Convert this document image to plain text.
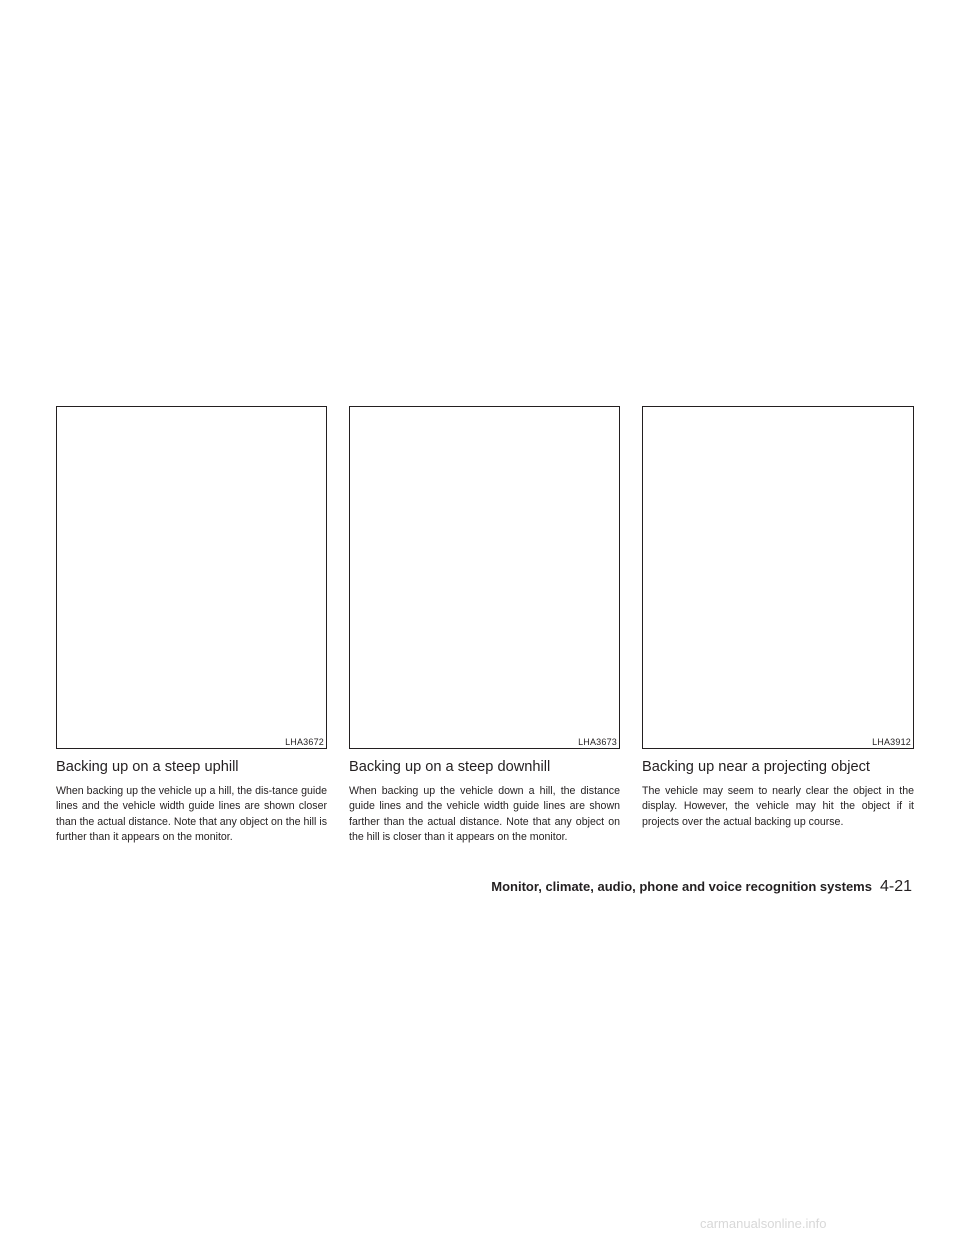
LHA3672
Backing up on a steep uphill

When backing up the vehicle up a hill, the dis-tance guide lines and the vehicle width guide lines are shown closer than the actual distance. Note that any object on the hill is further than it appears on the monitor.

LHA3673
Backing up on a steep downhill

When backing up the vehicle down a hill, the distance guide lines and the vehicle width guide lines are shown farther than the actual distance. Note that any object on the hill is closer than it appears on the monitor.

LHA3912
Backing up near a projecting object

The vehicle may seem to nearly clear the object in the display. However, the vehicle may hit the object if it projects over the actual backing up course.

Monitor, climate, audio, phone and voice recognition systems 4-21
carmanualsonline.info
